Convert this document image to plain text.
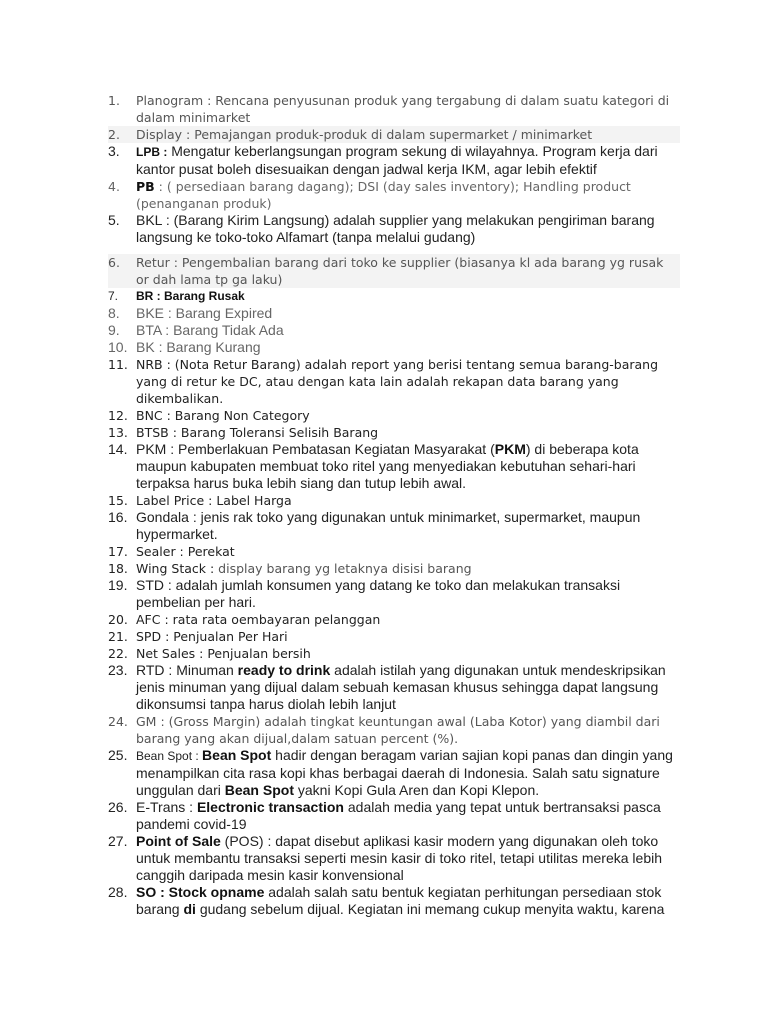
1.	Planogram : Rencana penyusunan produk yang tergabung di dalam suatu kategori di dalam minimarket
2.	Display : Pemajangan produk-produk di dalam supermarket / minimarket
3.	LPB : Mengatur keberlangsungan program sekung di wilayahnya. Program kerja dari kantor pusat boleh disesuaikan dengan jadwal kerja IKM, agar lebih efektif
4.	PB : ( persediaan barang dagang); DSI (day sales inventory); Handling product (penanganan produk)
5.	BKL : (Barang Kirim Langsung) adalah supplier yang melakukan pengiriman barang langsung ke toko-toko Alfamart (tanpa melalui gudang)
6.	Retur : Pengembalian barang dari toko ke supplier (biasanya kl ada barang yg rusak or dah lama tp ga laku)
7.	BR : Barang Rusak
8.	BKE : Barang Expired
9.	BTA : Barang Tidak Ada
10. BK : Barang Kurang
11. NRB : (Nota Retur Barang) adalah report yang berisi tentang semua barang-barang yang di retur ke DC, atau dengan kata lain adalah rekapan data barang yang dikembalikan.
12. BNC : Barang Non Category
13. BTSB : Barang Toleransi Selisih Barang
14. PKM : Pemberlakuan Pembatasan Kegiatan Masyarakat (PKM) di beberapa kota maupun kabupaten membuat toko ritel yang menyediakan kebutuhan sehari-hari terpaksa harus buka lebih siang dan tutup lebih awal.
15. Label Price : Label Harga
16. Gondala : jenis rak toko yang digunakan untuk minimarket, supermarket, maupun hypermarket.
17. Sealer : Perekat
18. Wing Stack : display barang yg letaknya disisi barang
19. STD : adalah jumlah konsumen yang datang ke toko dan melakukan transaksi pembelian per hari.
20. AFC : rata rata oembayaran pelanggan
21. SPD : Penjualan Per Hari
22. Net Sales : Penjualan bersih
23. RTD : Minuman ready to drink adalah istilah yang digunakan untuk mendeskripsikan jenis minuman yang dijual dalam sebuah kemasan khusus sehingga dapat langsung dikonsumsi tanpa harus diolah lebih lanjut
24. GM : (Gross Margin) adalah tingkat keuntungan awal (Laba Kotor) yang diambil dari barang yang akan dijual,dalam satuan percent (%).
25. Bean Spot : Bean Spot hadir dengan beragam varian sajian kopi panas dan dingin yang menampilkan cita rasa kopi khas berbagai daerah di Indonesia. Salah satu signature unggulan dari Bean Spot yakni Kopi Gula Aren dan Kopi Klepon.
26. E-Trans : Electronic transaction adalah media yang tepat untuk bertransaksi pasca pandemi covid-19
27. Point of Sale (POS) : dapat disebut aplikasi kasir modern yang digunakan oleh toko untuk membantu transaksi seperti mesin kasir di toko ritel, tetapi utilitas mereka lebih canggih daripada mesin kasir konvensional
28. SO : Stock opname adalah salah satu bentuk kegiatan perhitungan persediaan stok barang di gudang sebelum dijual. Kegiatan ini memang cukup menyita waktu, karena
